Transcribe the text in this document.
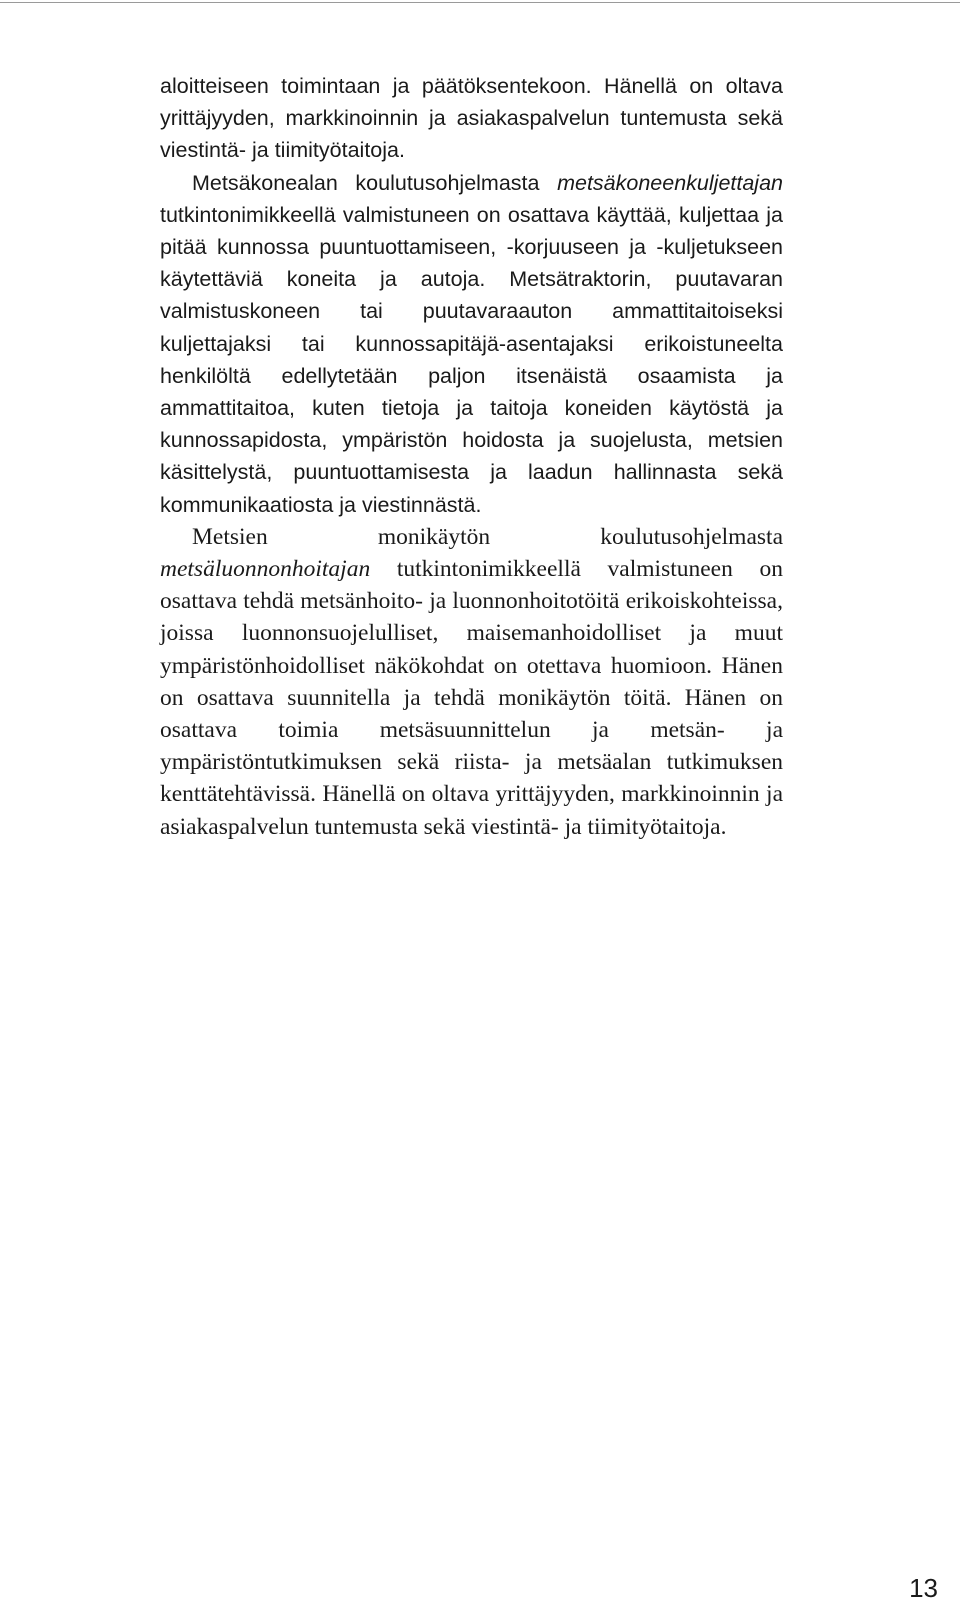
aloitteiseen toimintaan ja päätöksentekoon. Hänellä on oltava yrittäjyyden, markkinoinnin ja asiakaspalvelun tuntemusta sekä viestintä- ja tiimityötaitoja.

Metsäkonealan koulutusohjelmasta metsäkoneenkuljettajan tutkintonimikkeellä valmistuneen on osattava käyttää, kuljettaa ja pitää kunnossa puuntuottamiseen, -korjuuseen ja -kuljetukseen käytettäviä koneita ja autoja. Metsätraktorin, puutavaran valmistuskoneen tai puutavaraauton ammattitaitoiseksi kuljettajaksi tai kunnossapitäjä-asentajaksi erikoistuneelta henkilöltä edellytetään paljon itsenäistä osaamista ja ammattitaitoa, kuten tietoja ja taitoja koneiden käytöstä ja kunnossapidosta, ympäristön hoidosta ja suojelusta, metsien käsittelystä, puuntuottamisesta ja laadun hallinnasta sekä kommunikaatiosta ja viestinnästä.

Metsien monikäytön koulutusohjelmasta metsäluonnonhoitajan tutkintonimikkeellä valmistuneen on osattava tehdä metsänhoito- ja luonnonhoitotöitä erikoiskohteissa, joissa luonnonsuojelulliset, maisemanhoidolliset ja muut ympäristönhoidolliset näkökohdat on otettava huomioon. Hänen on osattava suunnitella ja tehdä monikäytön töitä. Hänen on osattava toimia metsäsuunnittelun ja metsän- ja ympäristöntutkimuksen sekä riista- ja metsäalan tutkimuksen kenttätehtävissä. Hänellä on oltava yrittäjyyden, markkinoinnin ja asiakaspalvelun tuntemusta sekä viestintä- ja tiimityötaitoja.

13
